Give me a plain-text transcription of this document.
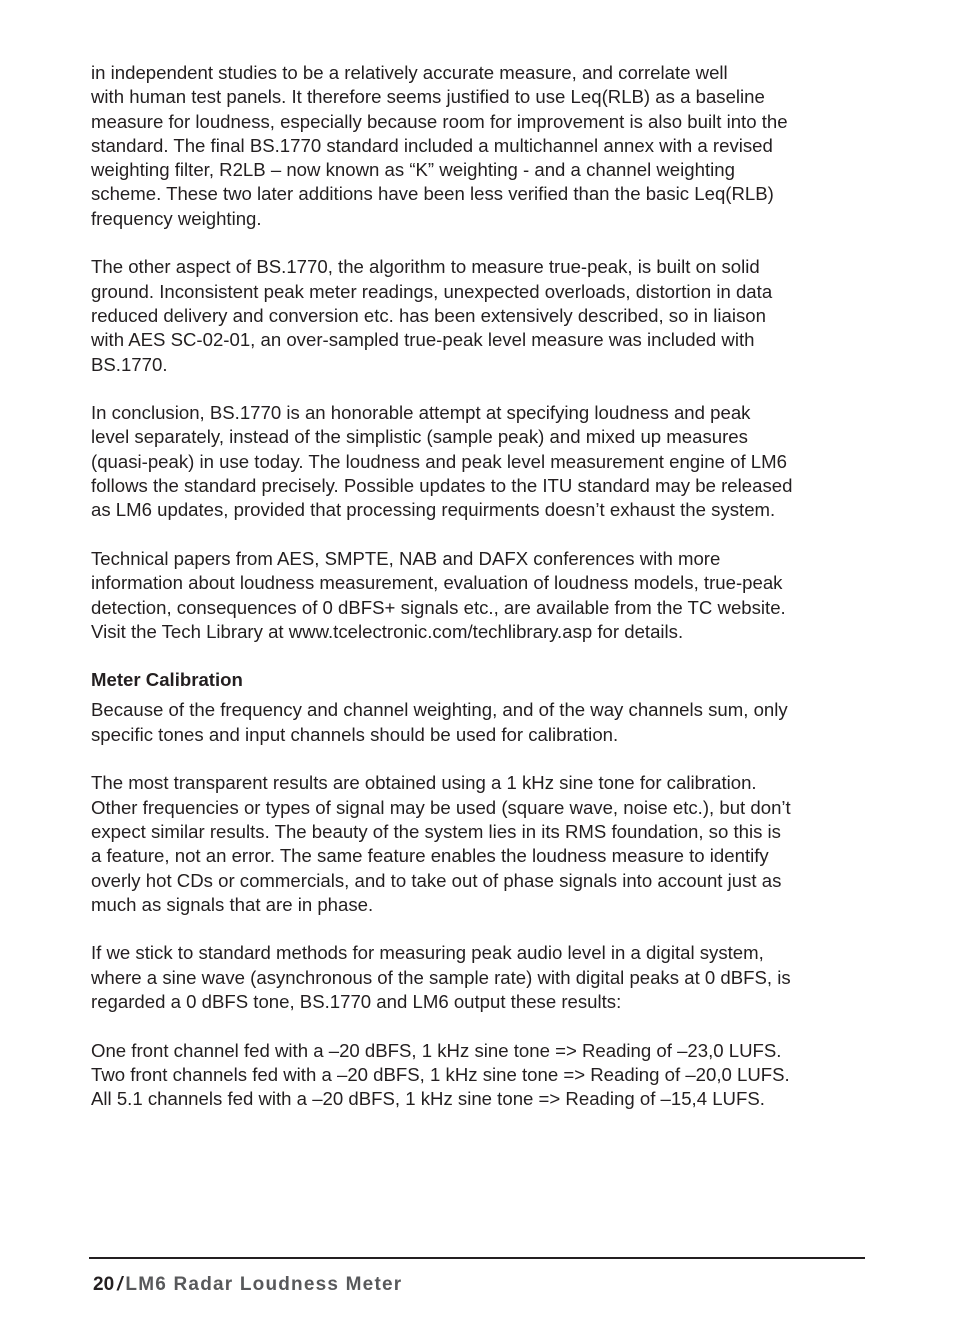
in independent studies to be a relatively accurate measure, and correlate well
with human test panels. It therefore seems justified to use Leq(RLB) as a baseline
measure for loudness, especially because room for improvement is also built into the
standard. The final BS.1770 standard included a multichannel annex with a revised
weighting filter, R2LB – now known as “K” weighting - and a channel weighting
scheme. These two later additions have been less verified than the basic Leq(RLB)
frequency weighting.

The other aspect of BS.1770, the algorithm to measure true-peak, is built on solid
ground. Inconsistent peak meter readings, unexpected overloads, distortion in data
reduced delivery and conversion etc. has been extensively described, so in liaison
with AES SC-02-01, an over-sampled true-peak level measure was included with
BS.1770.

In conclusion, BS.1770 is an honorable attempt at specifying loudness and peak
level separately, instead of the simplistic (sample peak) and mixed up measures
(quasi-peak) in use today. The loudness and peak level measurement engine of LM6
follows the standard precisely. Possible updates to the ITU standard may be released
as LM6 updates, provided that processing requirments doesn’t exhaust the system.

Technical papers from AES, SMPTE, NAB and DAFX conferences with more
information about loudness measurement, evaluation of loudness models, true-peak
detection, consequences of 0 dBFS+ signals etc., are available from the TC website.
Visit the Tech Library at www.tcelectronic.com/techlibrary.asp for details.

Meter Calibration

Because of the frequency and channel weighting, and of the way channels sum, only
specific tones and input channels should be used for calibration.

The most transparent results are obtained using a 1 kHz sine tone for calibration.
Other frequencies or types of signal may be used (square wave, noise etc.), but don’t
expect similar results. The beauty of the system lies in its RMS foundation, so this is
a feature, not an error. The same feature enables the loudness measure to identify
overly hot CDs or commercials, and to take out of phase signals into account just as
much as signals that are in phase.

If we stick to standard methods for measuring peak audio level in a digital system,
where a sine wave (asynchronous of the sample rate) with digital peaks at 0 dBFS, is
regarded a 0 dBFS tone, BS.1770 and LM6 output these results:

One front channel fed with a –20 dBFS, 1 kHz sine tone => Reading of –23,0 LUFS.
Two front channels fed with a –20 dBFS, 1 kHz sine tone => Reading of –20,0 LUFS.
All 5.1 channels fed with a –20 dBFS, 1 kHz sine tone => Reading of –15,4 LUFS.

20 / LM6 Radar Loudness Meter
